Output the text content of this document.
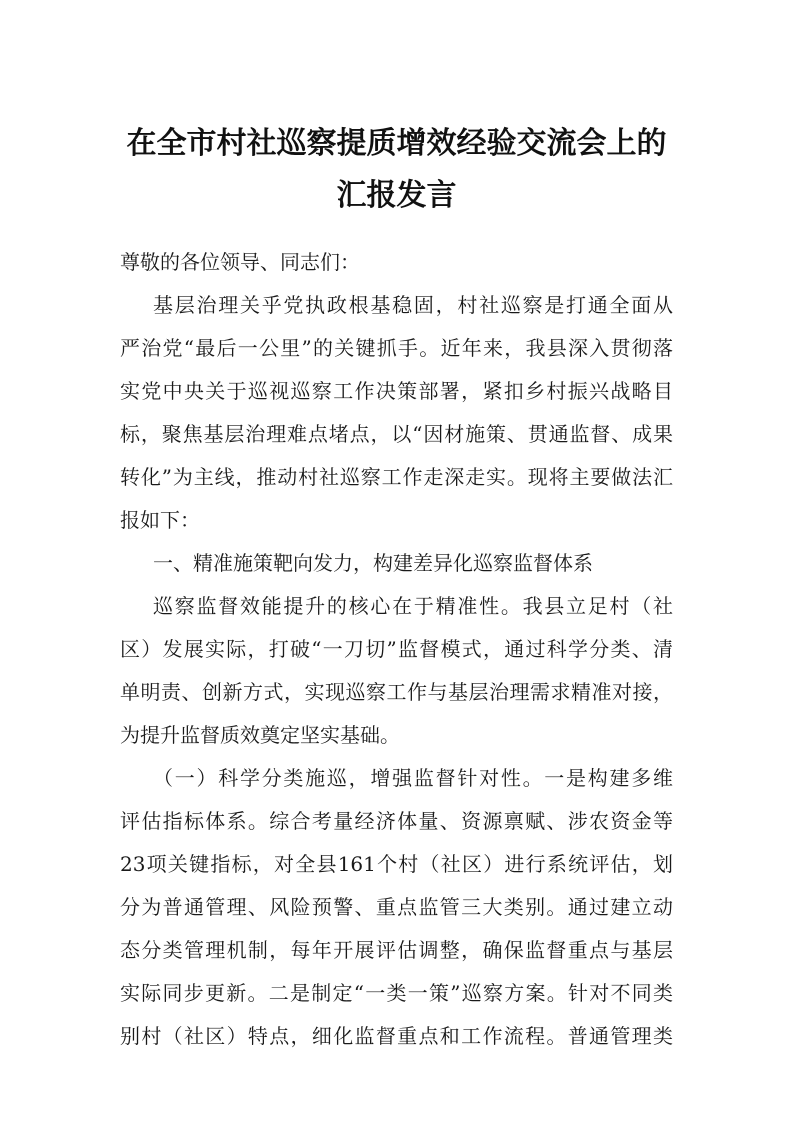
在全市村社巡察提质增效经验交流会上的
汇报发言

尊敬的各位领导、同志们：

基层治理关乎党执政根基稳固，村社巡察是打通全面从

严治党“最后一公里”的关键抓手。近年来，我县深入贯彻落

实党中央关于巡视巡察工作决策部署，紧扣乡村振兴战略目

标，聚焦基层治理难点堵点，以“因材施策、贯通监督、成果

转化”为主线，推动村社巡察工作走深走实。现将主要做法汇

报如下：

一、精准施策靶向发力，构建差异化巡察监督体系

巡察监督效能提升的核心在于精准性。我县立足村（社

区）发展实际，打破“一刀切”监督模式，通过科学分类、清

单明责、创新方式，实现巡察工作与基层治理需求精准对接，

为提升监督质效奠定坚实基础。

（一）科学分类施巡，增强监督针对性。一是构建多维

评估指标体系。综合考量经济体量、资源禀赋、涉农资金等

23项关键指标，对全县161个村（社区）进行系统评估，划

分为普通管理、风险预警、重点监管三大类别。通过建立动

态分类管理机制，每年开展评估调整，确保监督重点与基层

实际同步更新。二是制定“一类一策”巡察方案。针对不同类

别村（社区）特点，细化监督重点和工作流程。普通管理类
